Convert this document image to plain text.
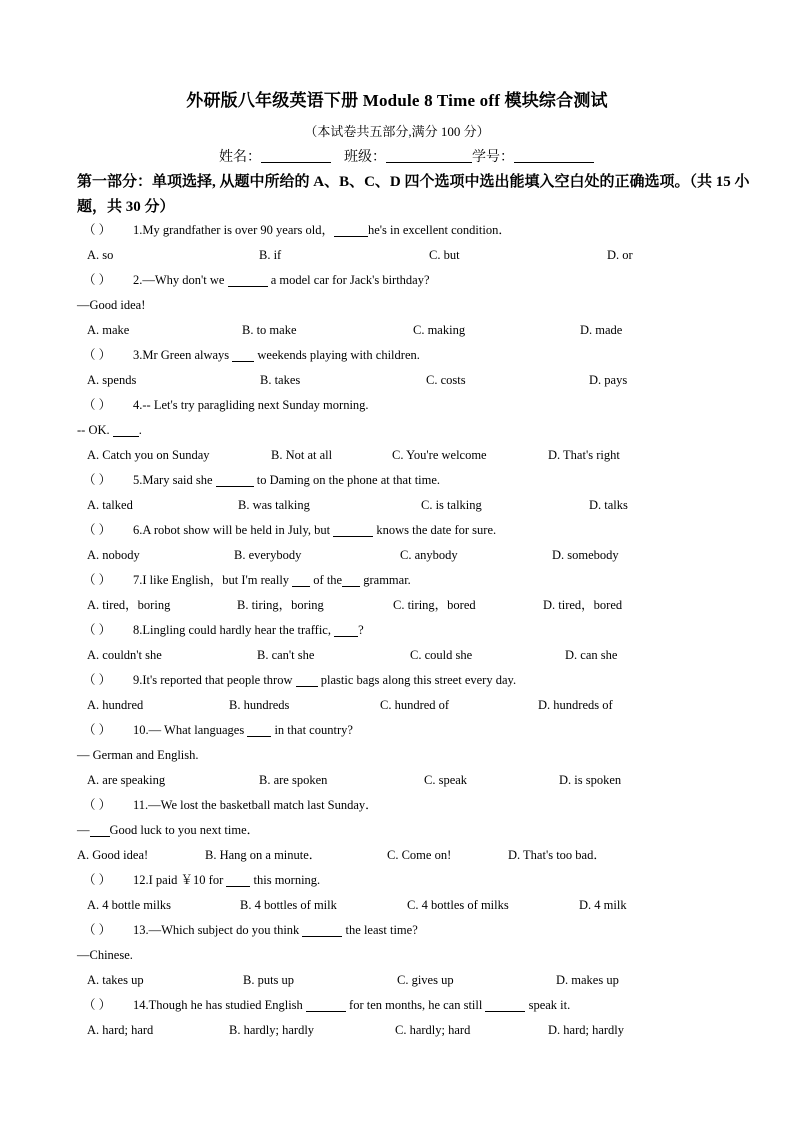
外研版八年级英语下册 Module 8 Time off 模块综合测试
（本试卷共五部分,满分 100 分）
姓名：	班级：	学号：
第一部分：单项选择, 从题中所给的 A、B、C、D 四个选项中选出能填入空白处的正确选项。（共 15 小题，共 30 分）
（ ） 1.My grandfather is over 90 years old，	he's in excellent condition．
A. so	B. if	C. but	D. or
（ ） 2.—Why don't we	a model car for Jack's birthday?
—Good idea!
A. make	B. to make	C. making	D. made
（ ） 3.Mr Green always weekends playing with children.
A. spends	B. takes	C. costs	D. pays
（ ） 4.-- Let's try paragliding next Sunday morning.
-- OK. .
A. Catch you on Sunday	B. Not at all	C. You're welcome	D. That's right
（ ） 5.Mary said she	to Daming on the phone at that time.
A. talked	B. was talking	C. is talking	D. talks
（ ） 6.A robot show will be held in July, but	knows the date for sure.
A. nobody	B. everybody	C. anybody	D. somebody
（ ） 7.I like English，but I'm really of the grammar.
A. tired，boring	B. tiring，boring	C. tiring，bored	D. tired，bored
（ ） 8.Lingling could hardly hear the traffic, ?
A. couldn't she	B. can't she	C. could she	D. can she
（ ） 9.It's reported that people throw plastic bags along this street every day.
A. hundred	B. hundreds	C. hundred of	D. hundreds of
（ ） 10.— What languages in that country?
— German and English.
A. are speaking	B. are spoken	C. speak	D. is spoken
（ ） 11.—We lost the basketball match last Sunday．
— Good luck to you next time．
A. Good idea!	B. Hang on a minute．	C. Come on!	D. That's too bad．
（ ） 12.I paid ￥10 for this morning.
A. 4 bottle milks	B. 4 bottles of milk	C. 4 bottles of milks	D. 4 milk
（ ） 13.—Which subject do you think	the least time?
—Chinese.
A. takes up	B. puts up	C. gives up	D. makes up
（ ） 14.Though he has studied English	for ten months, he can still	speak it.
A. hard; hard	B. hardly; hardly	C. hardly; hard	D. hard; hardly
